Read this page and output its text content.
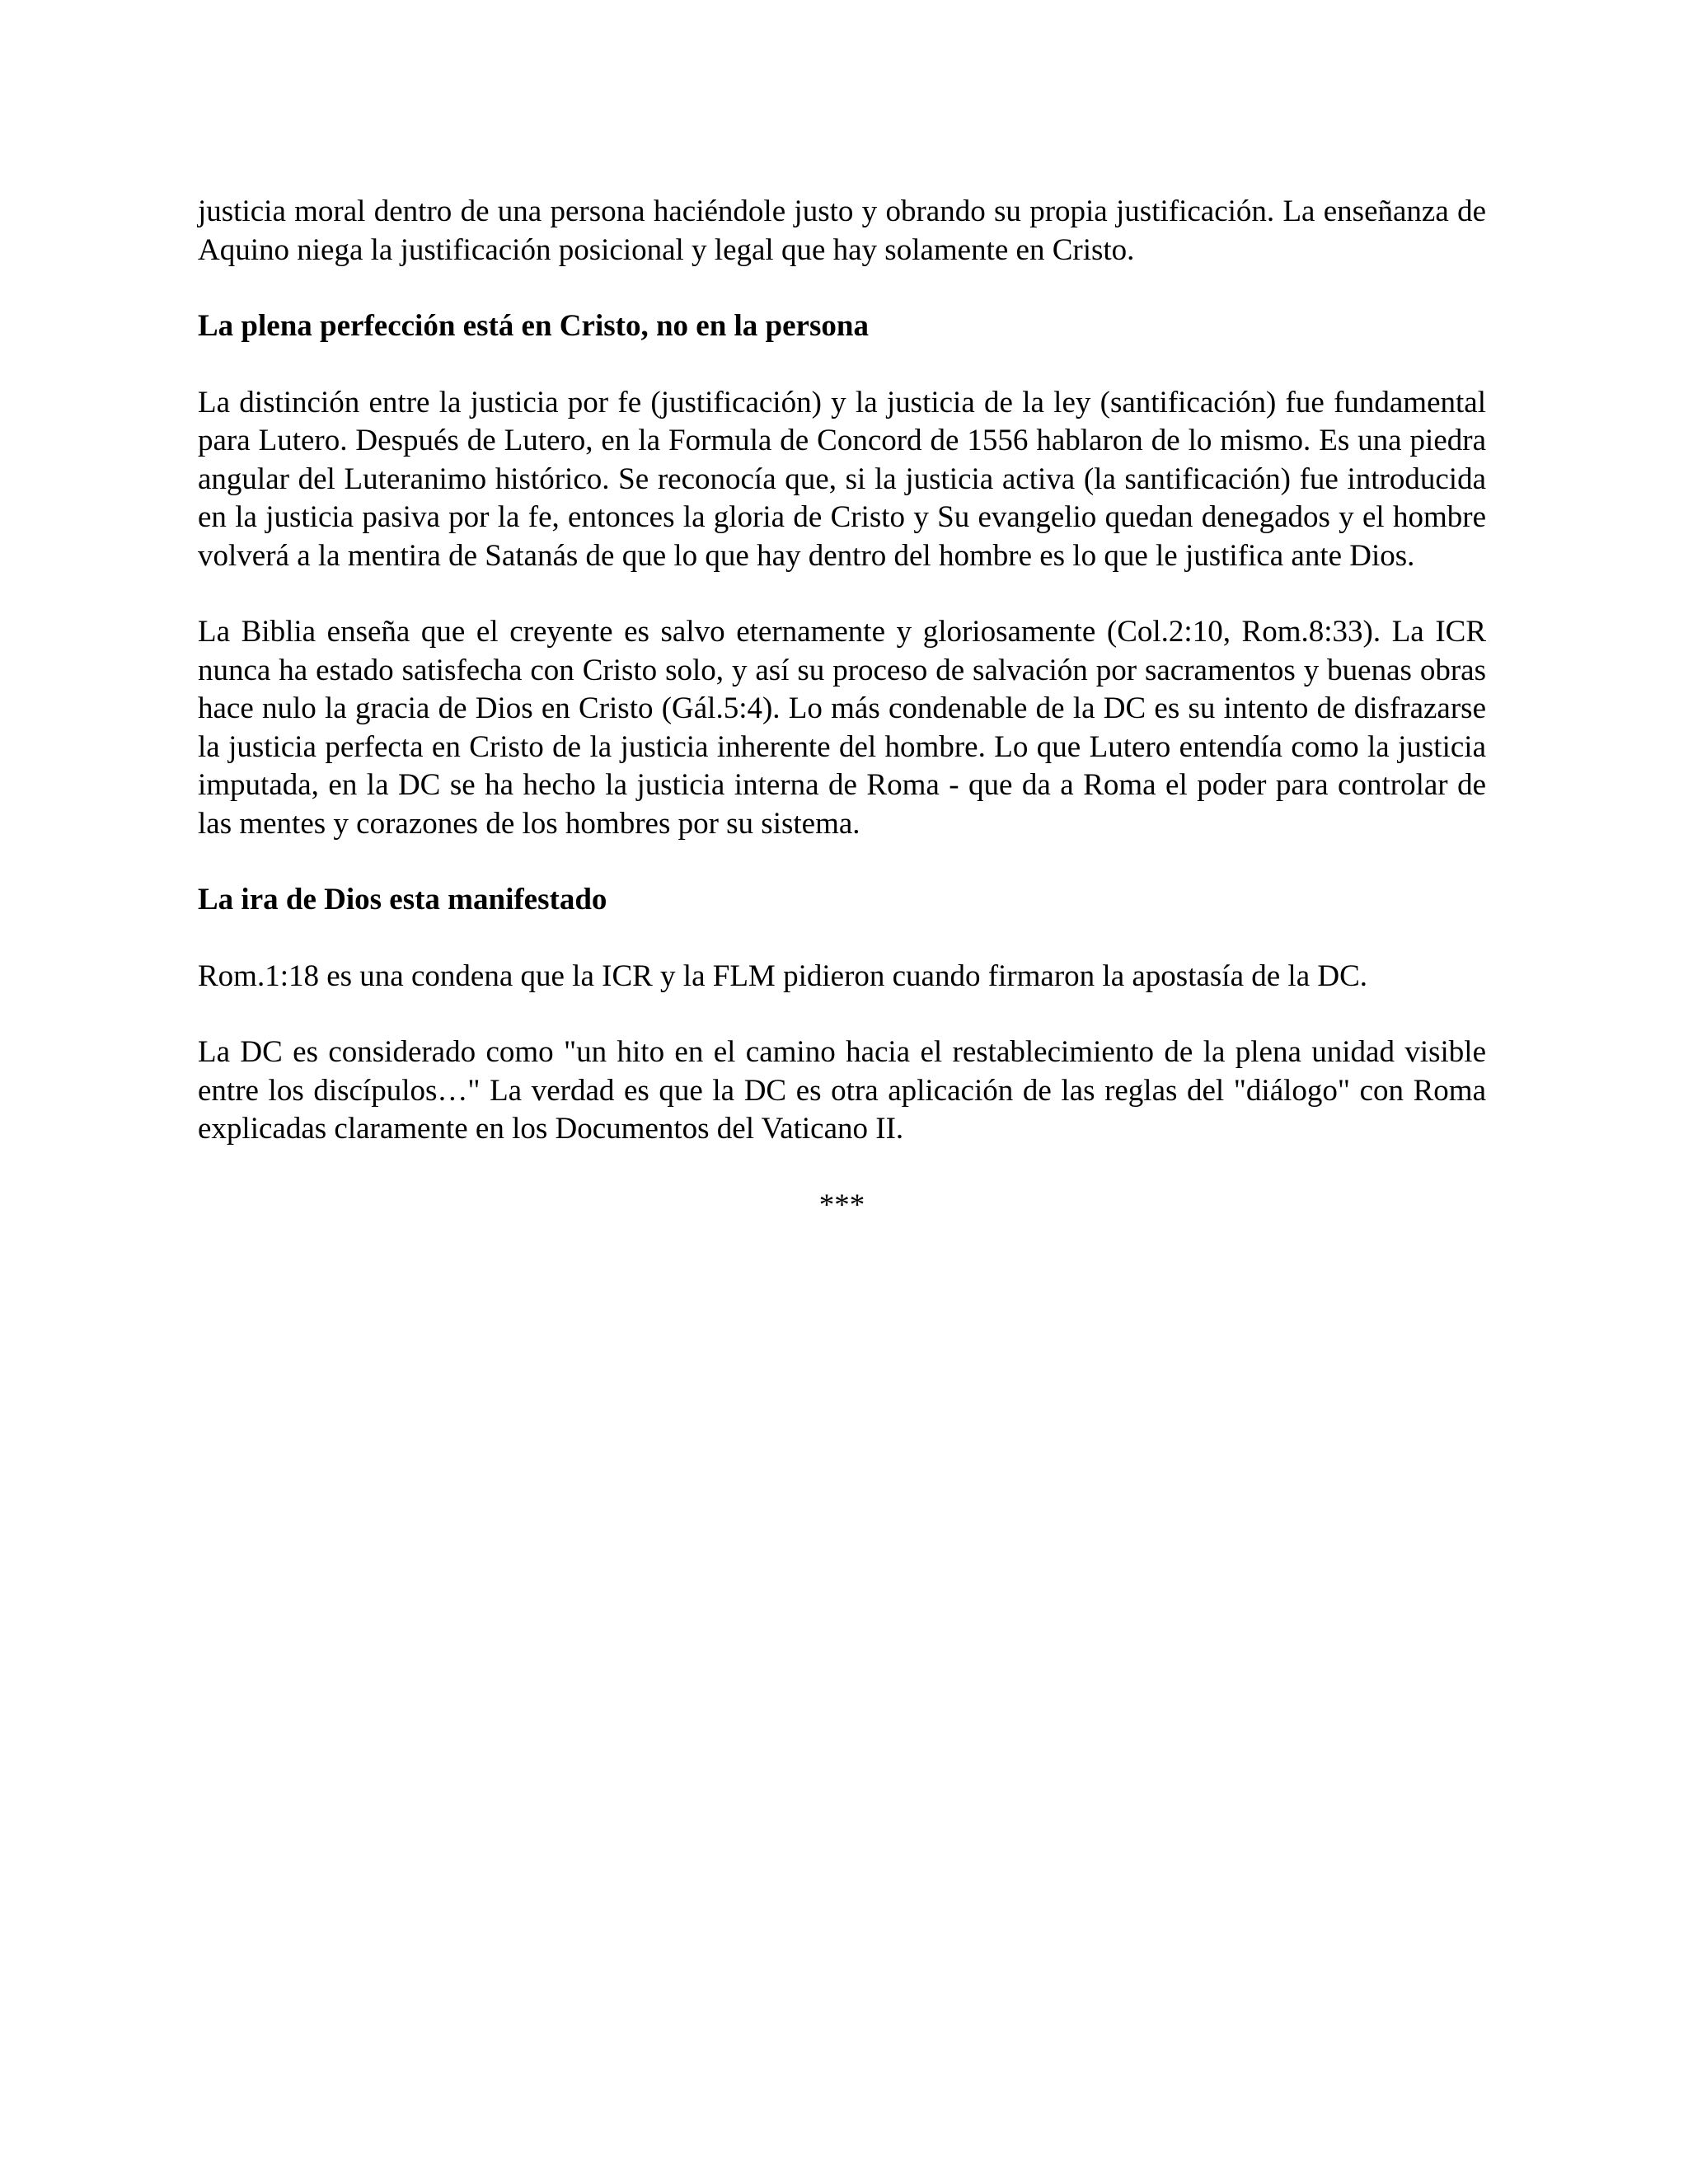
justicia moral dentro de una persona haciéndole justo y obrando su propia justificación. La enseñanza de Aquino niega la justificación posicional y legal que hay solamente en Cristo.

La plena perfección está en Cristo, no en la persona

La distinción entre la justicia por fe (justificación) y la justicia de la ley (santificación) fue fundamental para Lutero. Después de Lutero, en la Formula de Concord de 1556 hablaron de lo mismo. Es una piedra angular del Luteranimo histórico. Se reconocía que, si la justicia activa (la santificación) fue introducida en la justicia pasiva por la fe, entonces la gloria de Cristo y Su evangelio quedan denegados y el hombre volverá a la mentira de Satanás de que lo que hay dentro del hombre es lo que le justifica ante Dios.

La Biblia enseña que el creyente es salvo eternamente y gloriosamente (Col.2:10, Rom.8:33). La ICR nunca ha estado satisfecha con Cristo solo, y así su proceso de salvación por sacramentos y buenas obras hace nulo la gracia de Dios en Cristo (Gál.5:4). Lo más condenable de la DC es su intento de disfrazarse la justicia perfecta en Cristo de la justicia inherente del hombre. Lo que Lutero entendía como la justicia imputada, en la DC se ha hecho la justicia interna de Roma - que da a Roma el poder para controlar de las mentes y corazones de los hombres por su sistema.

La ira de Dios esta manifestado

Rom.1:18 es una condena que la ICR y la FLM pidieron cuando firmaron la apostasía de la DC.

La DC es considerado como "un hito en el camino hacia el restablecimiento de la plena unidad visible entre los discípulos…" La verdad es que la DC es otra aplicación de las reglas del "diálogo" con Roma explicadas claramente en los Documentos del Vaticano II.

***
